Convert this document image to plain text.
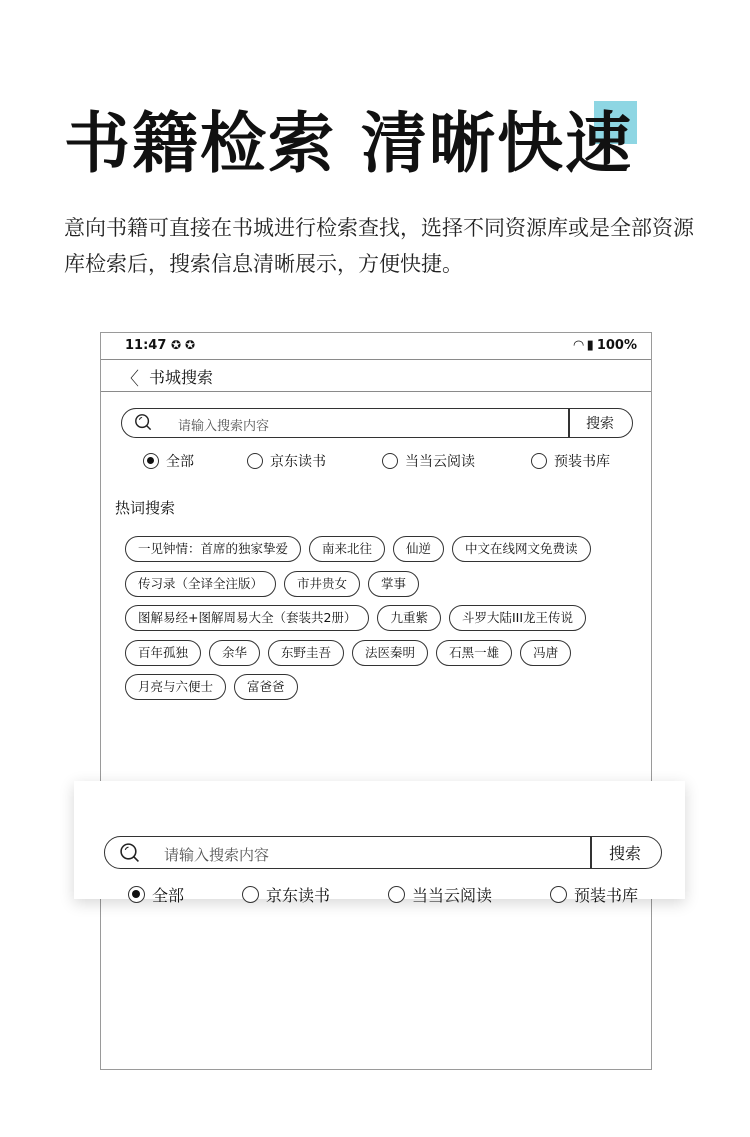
书籍检索 清晰快速

意向书籍可直接在书城进行检索查找，选择不同资源库或是全部资源库检索后，搜索信息清晰展示，方便快捷。

11:47 ✪✪	◠ ▮ 100%
〈 书城搜索
请输入搜索内容	搜索
全部	京东读书	当当云阅读	预装书库
热词搜索
一见钟情：首席的独家挚爱	南来北往	仙逆	中文在线网文免费读
传习录（全译全注版）	市井贵女	掌事
图解易经+图解周易大全（套装共2册）	九重紫	斗罗大陆III龙王传说
百年孤独	余华	东野圭吾	法医秦明	石黑一雄	冯唐
月亮与六便士	富爸爸
请输入搜索内容	搜索
全部	京东读书	当当云阅读	预装书库
